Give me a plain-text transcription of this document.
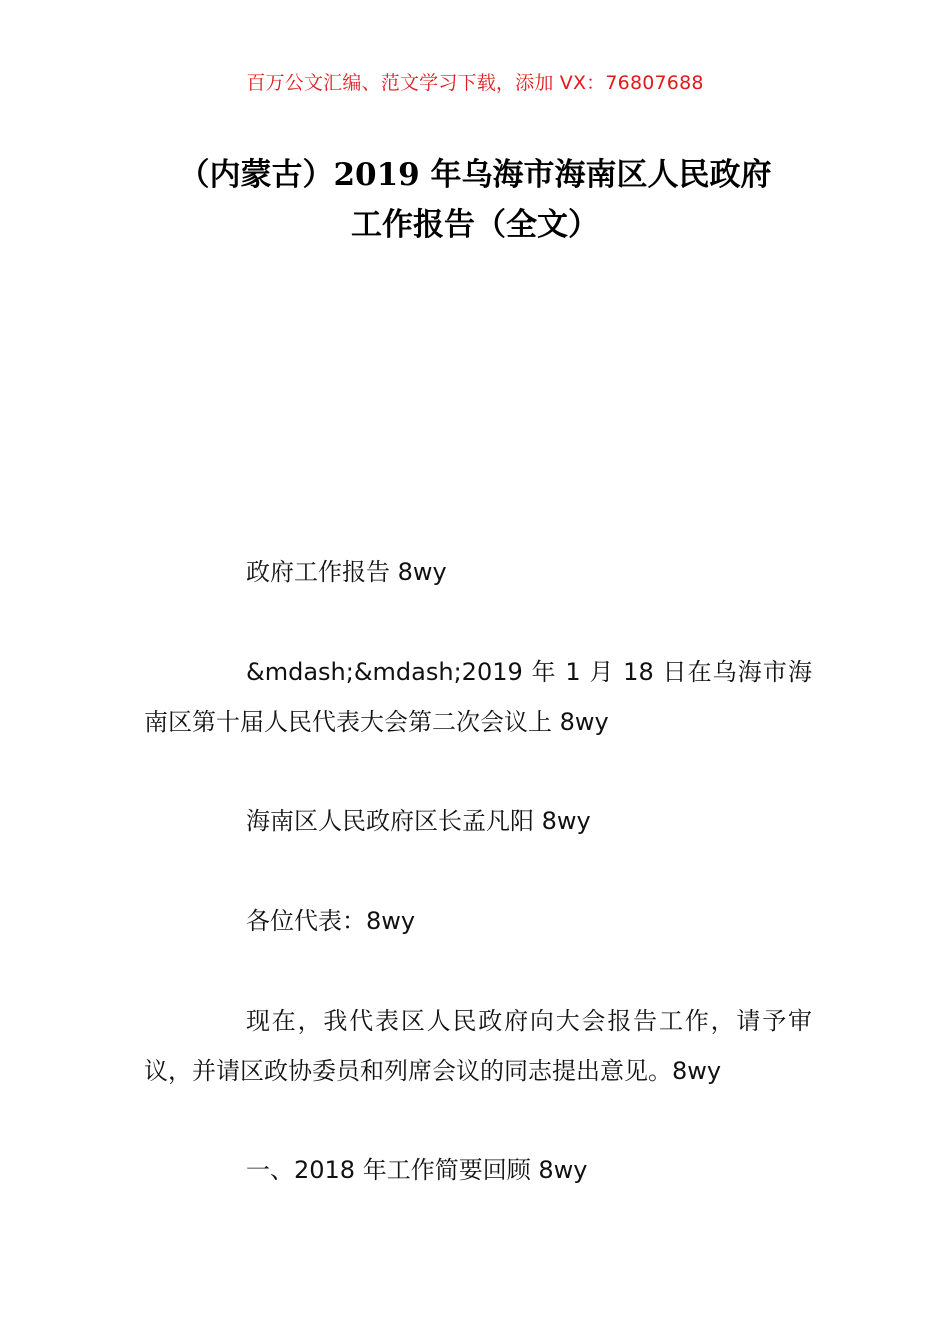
百万公文汇编、范文学习下载，添加 VX：76807688
（内蒙古）2019 年乌海市海南区人民政府
工作报告（全文）

政府工作报告 8wy

&mdash;&mdash;2019 年 1 月 18 日在乌海市海南区第十届人民代表大会第二次会议上 8wy

海南区人民政府区长孟凡阳 8wy

各位代表：8wy

现在，我代表区人民政府向大会报告工作，请予审议，并请区政协委员和列席会议的同志提出意见。8wy

一、2018 年工作简要回顾 8wy
